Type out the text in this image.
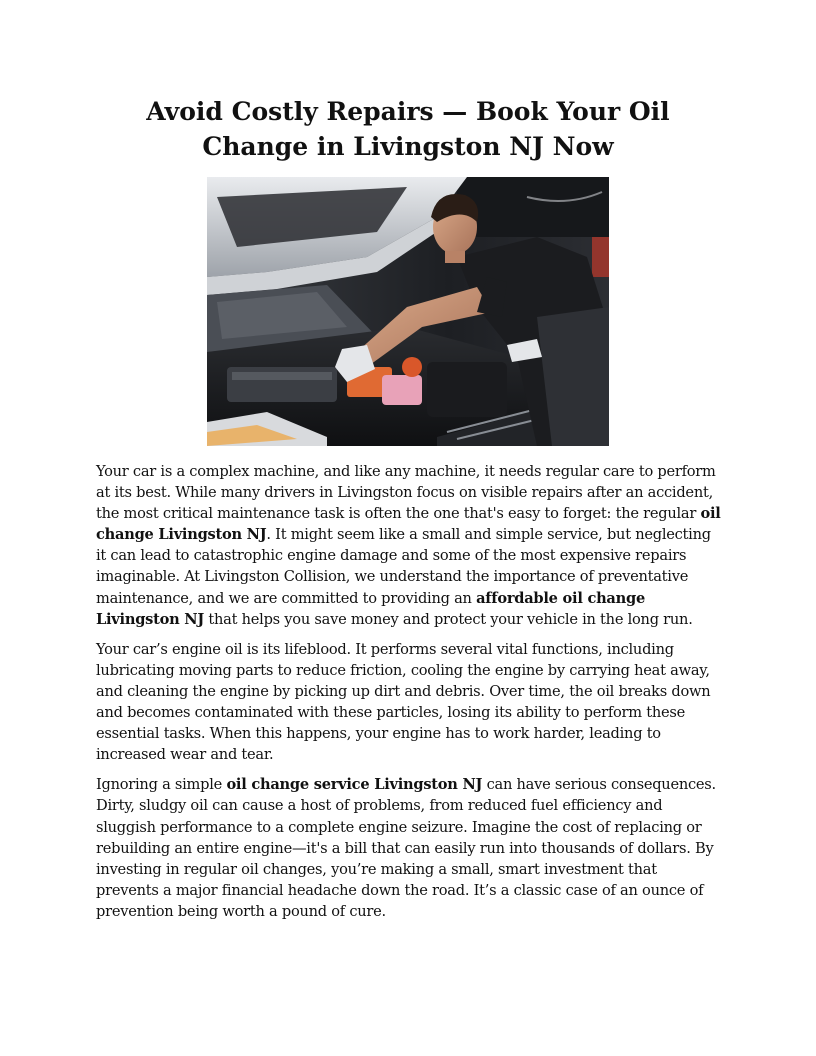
Avoid Costly Repairs — Book Your Oil Change in Livingston NJ Now

Your car is a complex machine, and like any machine, it needs regular care to perform at its best. While many drivers in Livingston focus on visible repairs after an accident, the most critical maintenance task is often the one that's easy to forget: the regular oil change Livingston NJ. It might seem like a small and simple service, but neglecting it can lead to catastrophic engine damage and some of the most expensive repairs imaginable. At Livingston Collision, we understand the importance of preventative maintenance, and we are committed to providing an affordable oil change Livingston NJ that helps you save money and protect your vehicle in the long run.

Your car’s engine oil is its lifeblood. It performs several vital functions, including lubricating moving parts to reduce friction, cooling the engine by carrying heat away, and cleaning the engine by picking up dirt and debris. Over time, the oil breaks down and becomes contaminated with these particles, losing its ability to perform these essential tasks. When this happens, your engine has to work harder, leading to increased wear and tear.

Ignoring a simple oil change service Livingston NJ can have serious consequences. Dirty, sludgy oil can cause a host of problems, from reduced fuel efficiency and sluggish performance to a complete engine seizure. Imagine the cost of replacing or rebuilding an entire engine—it's a bill that can easily run into thousands of dollars. By investing in regular oil changes, you’re making a small, smart investment that prevents a major financial headache down the road. It’s a classic case of an ounce of prevention being worth a pound of cure.
